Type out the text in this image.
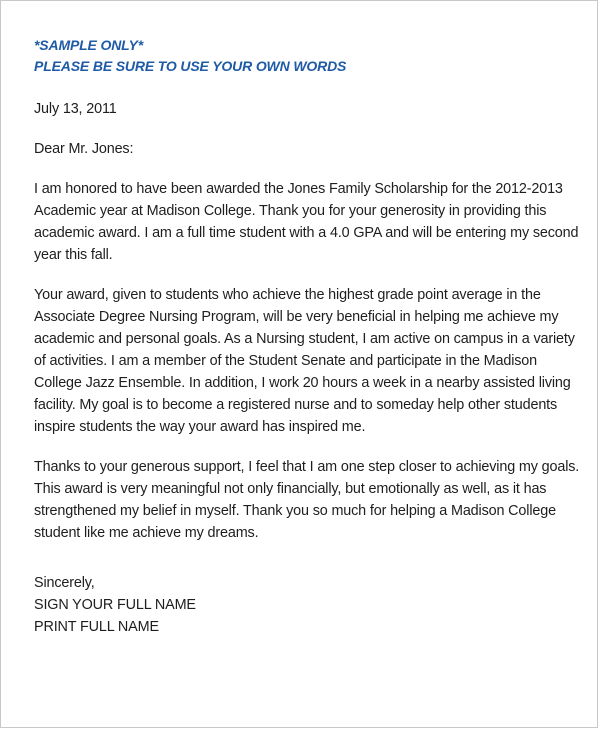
*SAMPLE ONLY*
PLEASE BE SURE TO USE YOUR OWN WORDS
July 13, 2011
Dear Mr. Jones:

I am honored to have been awarded the Jones Family Scholarship for the 2012-2013 Academic year at Madison College. Thank you for your generosity in providing this academic award. I am a full time student with a 4.0 GPA and will be entering my second year this fall.

Your award, given to students who achieve the highest grade point average in the Associate Degree Nursing Program, will be very beneficial in helping me achieve my academic and personal goals. As a Nursing student, I am active on campus in a variety of activities. I am a member of the Student Senate and participate in the Madison College Jazz Ensemble. In addition, I work 20 hours a week in a nearby assisted living facility. My goal is to become a registered nurse and to someday help other students inspire students the way your award has inspired me.

Thanks to your generous support, I feel that I am one step closer to achieving my goals. This award is very meaningful not only financially, but emotionally as well, as it has strengthened my belief in myself. Thank you so much for helping a Madison College student like me achieve my dreams.

Sincerely,
SIGN YOUR FULL NAME
PRINT FULL NAME
